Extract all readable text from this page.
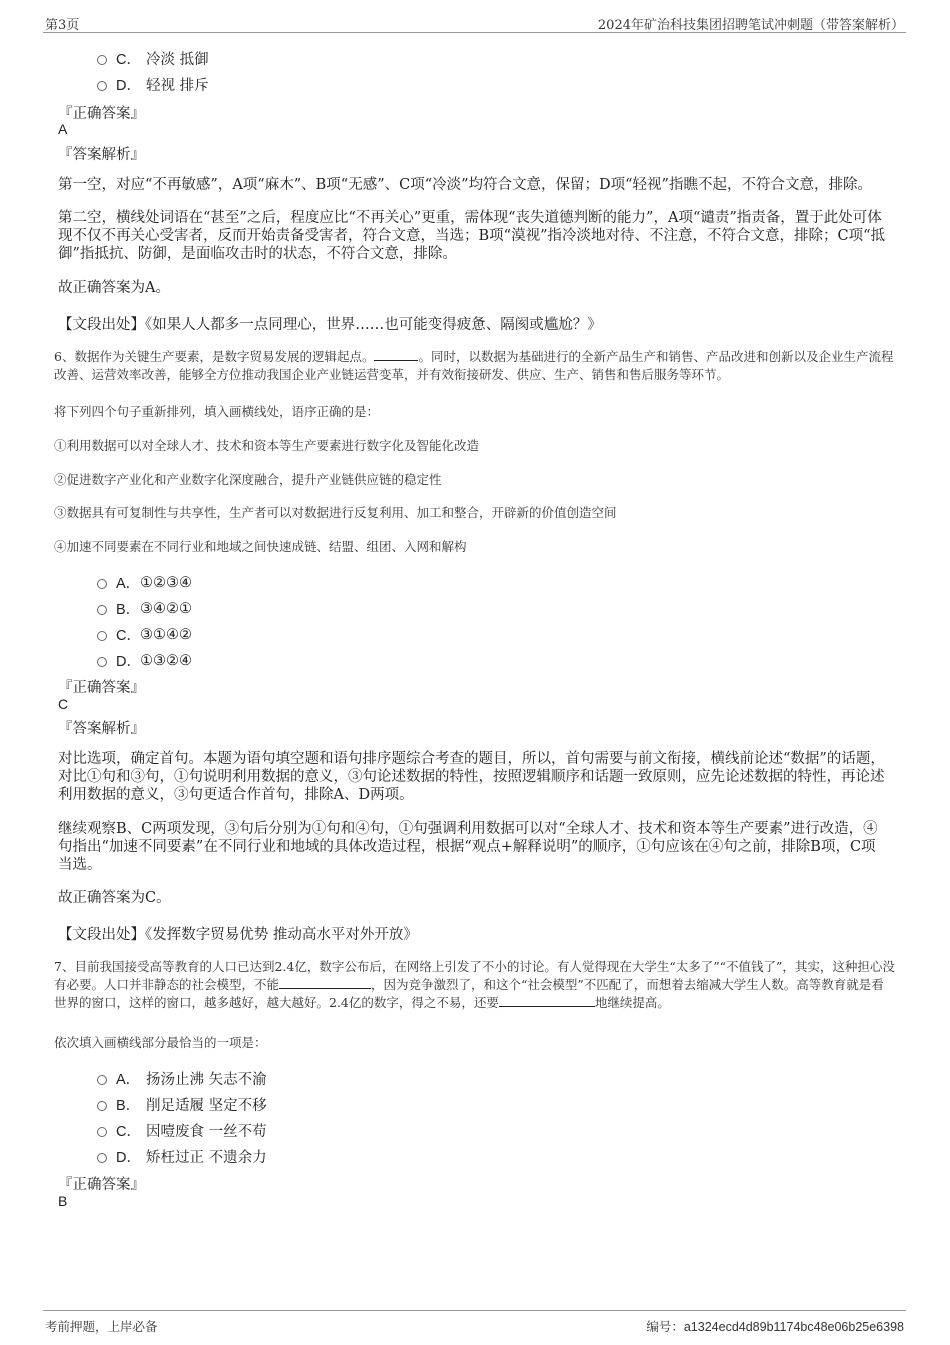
第3页	2024年矿治科技集团招聘笔试冲刺题（带答案解析）
C． 冷淡 抵御
D． 轻视 排斥
『正确答案』
A
『答案解析』
第一空，对应“不再敏感”，A项“麻木”、B项“无感”、C项“冷淡”均符合文意，保留；D项“轻视”指瞧不起，不符合文意，排除。
第二空，横线处词语在“甚至”之后，程度应比“不再关心”更重，需体现“丧失道德判断的能力”，A项“谴责”指责备，置于此处可体现不仅不再关心受害者，反而开始责备受害者，符合文意，当选；B项“漠视”指冷淡地对待、不注意，不符合文意，排除；C项“抵御”指抵抗、防御，是面临攻击时的状态，不符合文意，排除。
故正确答案为A。
【文段出处】《如果人人都多一点同理心，世界……也可能变得疲惫、隔阂或尴尬？》
6、数据作为关键生产要素，是数字贸易发展的逻辑起点。	。同时，以数据为基础进行的全新产品生产和销售、产品改进和创新以及企业生产流程改善、运营效率改善，能够全方位推动我国企业产业链运营变革，并有效衔接研发、供应、生产、销售和售后服务等环节。
将下列四个句子重新排列，填入画横线处，语序正确的是：
①利用数据可以对全球人才、技术和资本等生产要素进行数字化及智能化改造
②促进数字产业化和产业数字化深度融合，提升产业链供应链的稳定性
③数据具有可复制性与共享性，生产者可以对数据进行反复利用、加工和整合，开辟新的价值创造空间
④加速不同要素在不同行业和地域之间快速成链、结盟、组团、入网和解构
A． ①②③④
B． ③④②①
C． ③①④②
D． ①③②④
『正确答案』
C
『答案解析』
对比选项，确定首句。本题为语句填空题和语句排序题综合考查的题目，所以，首句需要与前文衔接，横线前论述“数据”的话题，对比①句和③句，①句说明利用数据的意义，③句论述数据的特性，按照逻辑顺序和话题一致原则，应先论述数据的特性，再论述利用数据的意义，③句更适合作首句，排除A、D两项。
继续观察B、C两项发现，③句后分别为①句和④句，①句强调利用数据可以对“全球人才、技术和资本等生产要素”进行改造，④句指出“加速不同要素”在不同行业和地域的具体改造过程，根据“观点+解释说明”的顺序，①句应该在④句之前，排除B项，C项当选。
故正确答案为C。
【文段出处】《发挥数字贸易优势 推动高水平对外开放》
7、目前我国接受高等教育的人口已达到2.4亿，数字公布后，在网络上引发了不小的讨论。有人觉得现在大学生“太多了”“不值钱了”，其实，这种担心没有必要。人口并非静态的社会模型，不能	，因为竞争激烈了，和这个“社会模型”不匹配了，而想着去缩减大学生人数。高等教育就是看世界的窗口，这样的窗口，越多越好，越大越好。2.4亿的数字，得之不易，还要	地继续提高。
依次填入画横线部分最恰当的一项是：
A． 扬汤止沸 矢志不渝
B． 削足适履 坚定不移
C． 因噎废食 一丝不苟
D． 矫枉过正 不遗余力
『正确答案』
B
考前押题，上岸必备	编号：a1324ecd4d89b1174bc48e06b25e6398
